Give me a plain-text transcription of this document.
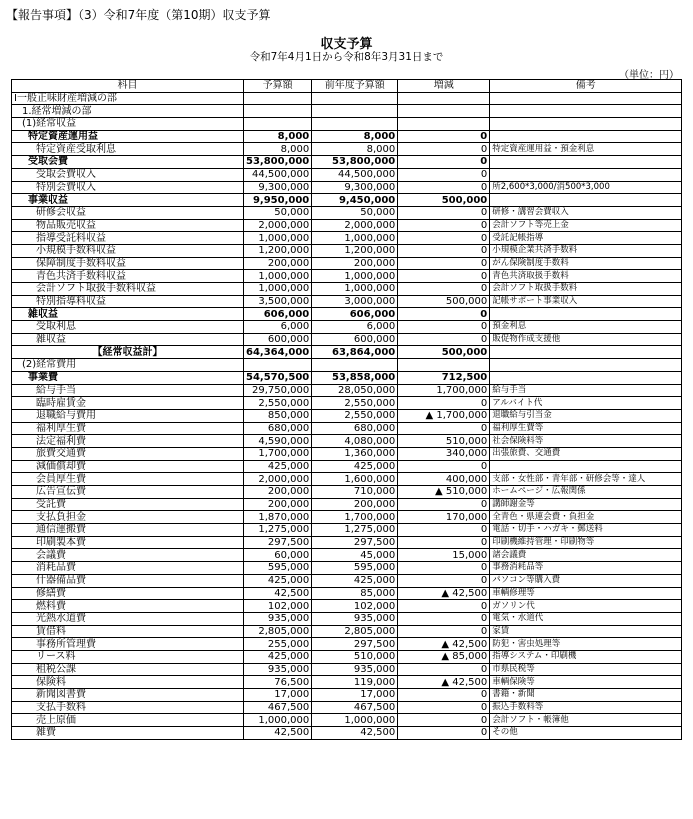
【報告事項】（3）令和7年度（第10期）収支予算
収支予算
令和7年4月1日から令和8年3月31日まで
（単位：円）
科目	予算額	前年度予算額	増減	備考
Ⅰ一般正味財産増減の部				
1.経常増減の部				
(1)経常収益				
特定資産運用益	8,000	8,000	0	
特定資産受取利息	8,000	8,000	0	特定資産運用益・預金利息
受取会費	53,800,000	53,800,000	0	
受取会費収入	44,500,000	44,500,000	0	
特別会費収入	9,300,000	9,300,000	0	所2,600*3,000/消500*3,000
事業収益	9,950,000	9,450,000	500,000	
研修会収益	50,000	50,000	0	研修・講習会費収入
物品販売収益	2,000,000	2,000,000	0	会計ソフト等売上金
指導受託料収益	1,000,000	1,000,000	0	受託記帳指導
小規模手数料収益	1,200,000	1,200,000	0	小規模企業共済手数料
保障制度手数料収益	200,000	200,000	0	がん保険制度手数料
青色共済手数料収益	1,000,000	1,000,000	0	青色共済取扱手数料
会計ソフト取扱手数料収益	1,000,000	1,000,000	0	会計ソフト取扱手数料
特別指導料収益	3,500,000	3,000,000	500,000	記帳サポート事業収入
雑収益	606,000	606,000	0	
受取利息	6,000	6,000	0	預金利息
雑収益	600,000	600,000	0	販促物作成支援他
【経常収益計】	64,364,000	63,864,000	500,000	
(2)経常費用				
事業費	54,570,500	53,858,000	712,500	
給与手当	29,750,000	28,050,000	1,700,000	給与手当
臨時雇賃金	2,550,000	2,550,000	0	アルバイト代
退職給与費用	850,000	2,550,000	▲ 1,700,000	退職給与引当金
福利厚生費	680,000	680,000	0	福利厚生費等
法定福利費	4,590,000	4,080,000	510,000	社会保険料等
旅費交通費	1,700,000	1,360,000	340,000	出張旅費、交通費
減価償却費	425,000	425,000	0	
会員厚生費	2,000,000	1,600,000	400,000	支部・女性部・青年部・研修会等・達人
広告宣伝費	200,000	710,000	▲ 510,000	ホームページ・広報関係
受託費	200,000	200,000	0	講師謝金等
支払負担金	1,870,000	1,700,000	170,000	全青色・県連会費・負担金
通信運搬費	1,275,000	1,275,000	0	電話・切手・ハガキ・郵送料
印刷製本費	297,500	297,500	0	印刷機維持管理・印刷物等
会議費	60,000	45,000	15,000	諸会議費
消耗品費	595,000	595,000	0	事務消耗品等
什器備品費	425,000	425,000	0	パソコン等購入費
修繕費	42,500	85,000	▲ 42,500	車輌修理等
燃料費	102,000	102,000	0	ガソリン代
光熱水道費	935,000	935,000	0	電気・水道代
賃借料	2,805,000	2,805,000	0	家賃
事務所管理費	255,000	297,500	▲ 42,500	防犯・害虫処理等
リース料	425,000	510,000	▲ 85,000	指導システム・印刷機
租税公課	935,000	935,000	0	市県民税等
保険料	76,500	119,000	▲ 42,500	車輌保険等
新聞図書費	17,000	17,000	0	書籍・新聞
支払手数料	467,500	467,500	0	振込手数料等
売上原価	1,000,000	1,000,000	0	会計ソフト・帳簿他
雑費	42,500	42,500	0	その他
